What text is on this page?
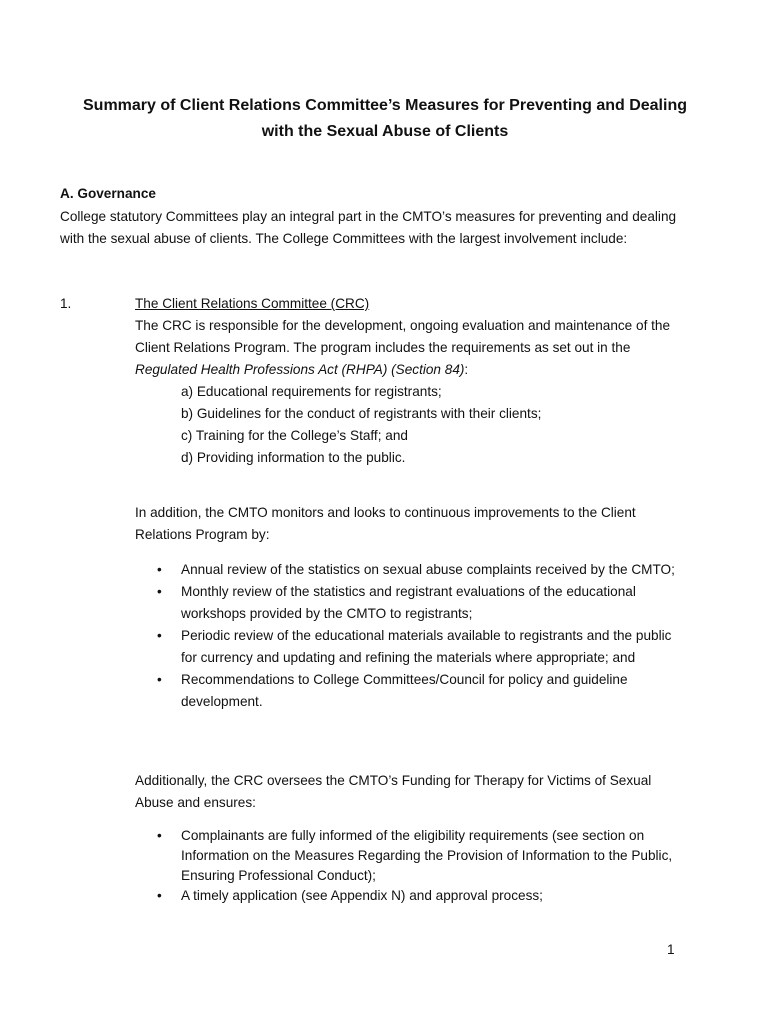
Summary of Client Relations Committee’s Measures for Preventing and Dealing
with the Sexual Abuse of Clients
A. Governance
College statutory Committees play an integral part in the CMTO’s measures for preventing and dealing with the sexual abuse of clients. The College Committees with the largest involvement include:
1.	The Client Relations Committee (CRC)
The CRC is responsible for the development, ongoing evaluation and maintenance of the Client Relations Program. The program includes the requirements as set out in the Regulated Health Professions Act (RHPA) (Section 84):
a) Educational requirements for registrants;
b) Guidelines for the conduct of registrants with their clients;
c) Training for the College’s Staff; and
d) Providing information to the public.
In addition, the CMTO monitors and looks to continuous improvements to the Client Relations Program by:
• Annual review of the statistics on sexual abuse complaints received by the CMTO;
• Monthly review of the statistics and registrant evaluations of the educational workshops provided by the CMTO to registrants;
• Periodic review of the educational materials available to registrants and the public for currency and updating and refining the materials where appropriate; and
• Recommendations to College Committees/Council for policy and guideline development.
Additionally, the CRC oversees the CMTO’s Funding for Therapy for Victims of Sexual Abuse and ensures:
• Complainants are fully informed of the eligibility requirements (see section on Information on the Measures Regarding the Provision of Information to the Public, Ensuring Professional Conduct);
• A timely application (see Appendix N) and approval process;
1
